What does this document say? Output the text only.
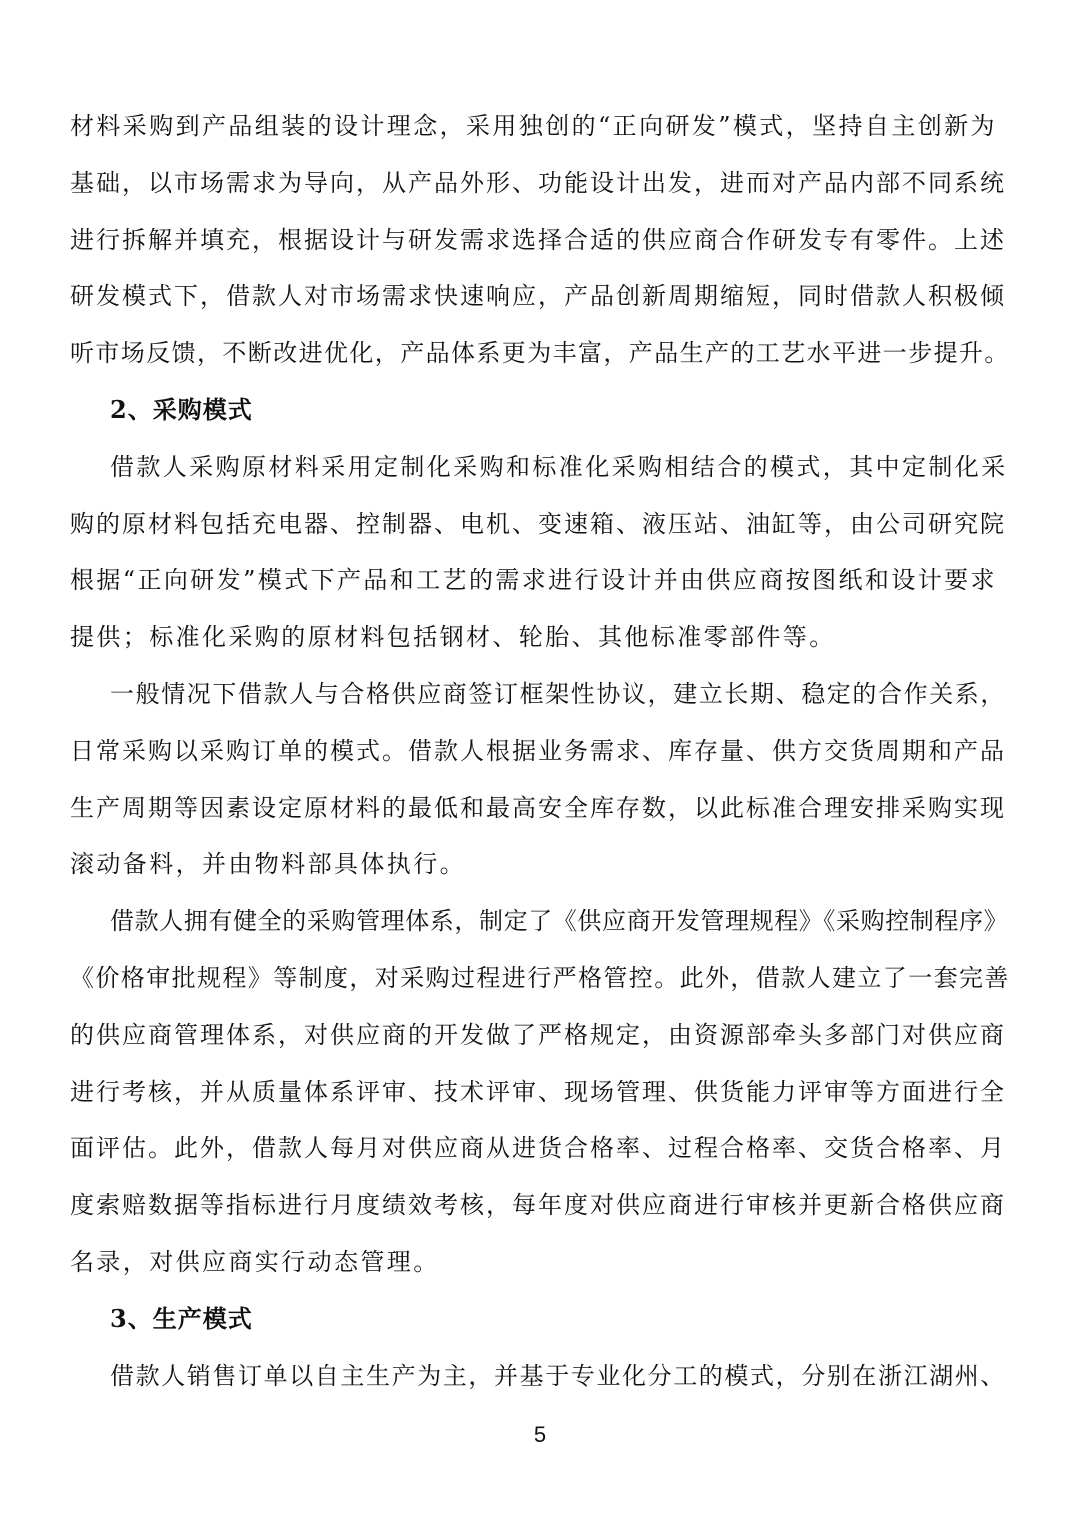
材料采购到产品组装的设计理念，采用独创的“正向研发”模式，坚持自主创新为
基础，以市场需求为导向，从产品外形、功能设计出发，进而对产品内部不同系统
进行拆解并填充，根据设计与研发需求选择合适的供应商合作研发专有零件。上述
研发模式下，借款人对市场需求快速响应，产品创新周期缩短，同时借款人积极倾
听市场反馈，不断改进优化，产品体系更为丰富，产品生产的工艺水平进一步提升。
2、采购模式
借款人采购原材料采用定制化采购和标准化采购相结合的模式，其中定制化采
购的原材料包括充电器、控制器、电机、变速箱、液压站、油缸等，由公司研究院
根据“正向研发”模式下产品和工艺的需求进行设计并由供应商按图纸和设计要求
提供；标准化采购的原材料包括钢材、轮胎、其他标准零部件等。
一般情况下借款人与合格供应商签订框架性协议，建立长期、稳定的合作关系，
日常采购以采购订单的模式。借款人根据业务需求、库存量、供方交货周期和产品
生产周期等因素设定原材料的最低和最高安全库存数，以此标准合理安排采购实现
滚动备料，并由物料部具体执行。
借款人拥有健全的采购管理体系，制定了《供应商开发管理规程》《采购控制程序》
《价格审批规程》等制度，对采购过程进行严格管控。此外，借款人建立了一套完善
的供应商管理体系，对供应商的开发做了严格规定，由资源部牵头多部门对供应商
进行考核，并从质量体系评审、技术评审、现场管理、供货能力评审等方面进行全
面评估。此外，借款人每月对供应商从进货合格率、过程合格率、交货合格率、月
度索赔数据等指标进行月度绩效考核，每年度对供应商进行审核并更新合格供应商
名录，对供应商实行动态管理。
3、生产模式
借款人销售订单以自主生产为主，并基于专业化分工的模式，分别在浙江湖州、
5
